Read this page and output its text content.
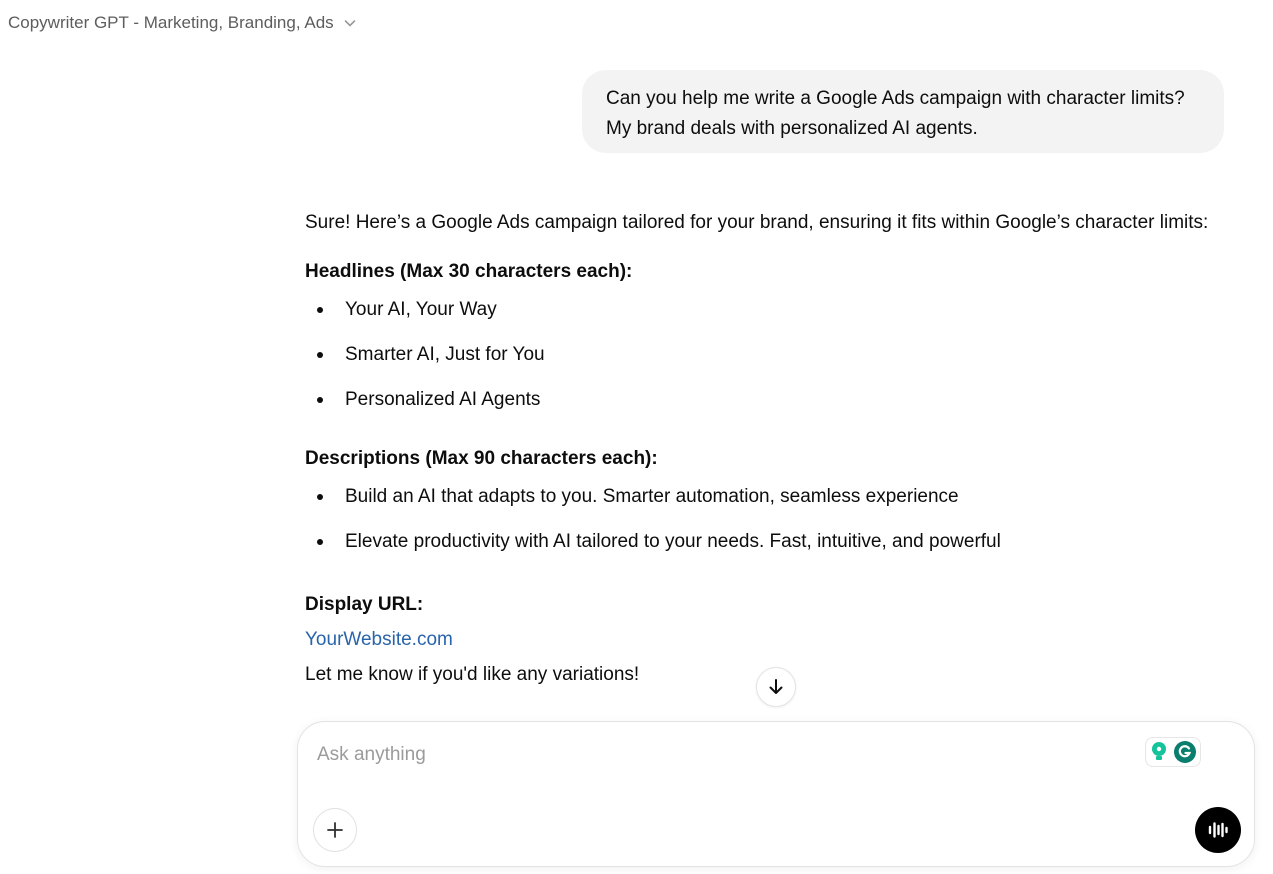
Copywriter GPT - Marketing, Branding, Ads
Can you help me write a Google Ads campaign with character limits? My brand deals with personalized AI agents.

Sure! Here’s a Google Ads campaign tailored for your brand, ensuring it fits within Google’s character limits:

Headlines (Max 30 characters each):
Your AI, Your Way
Smarter AI, Just for You
Personalized AI Agents
Descriptions (Max 90 characters each):
Build an AI that adapts to you. Smarter automation, seamless experience
Elevate productivity with AI tailored to your needs. Fast, intuitive, and powerful
Display URL:

YourWebsite.com

Let me know if you'd like any variations!

Ask anything
